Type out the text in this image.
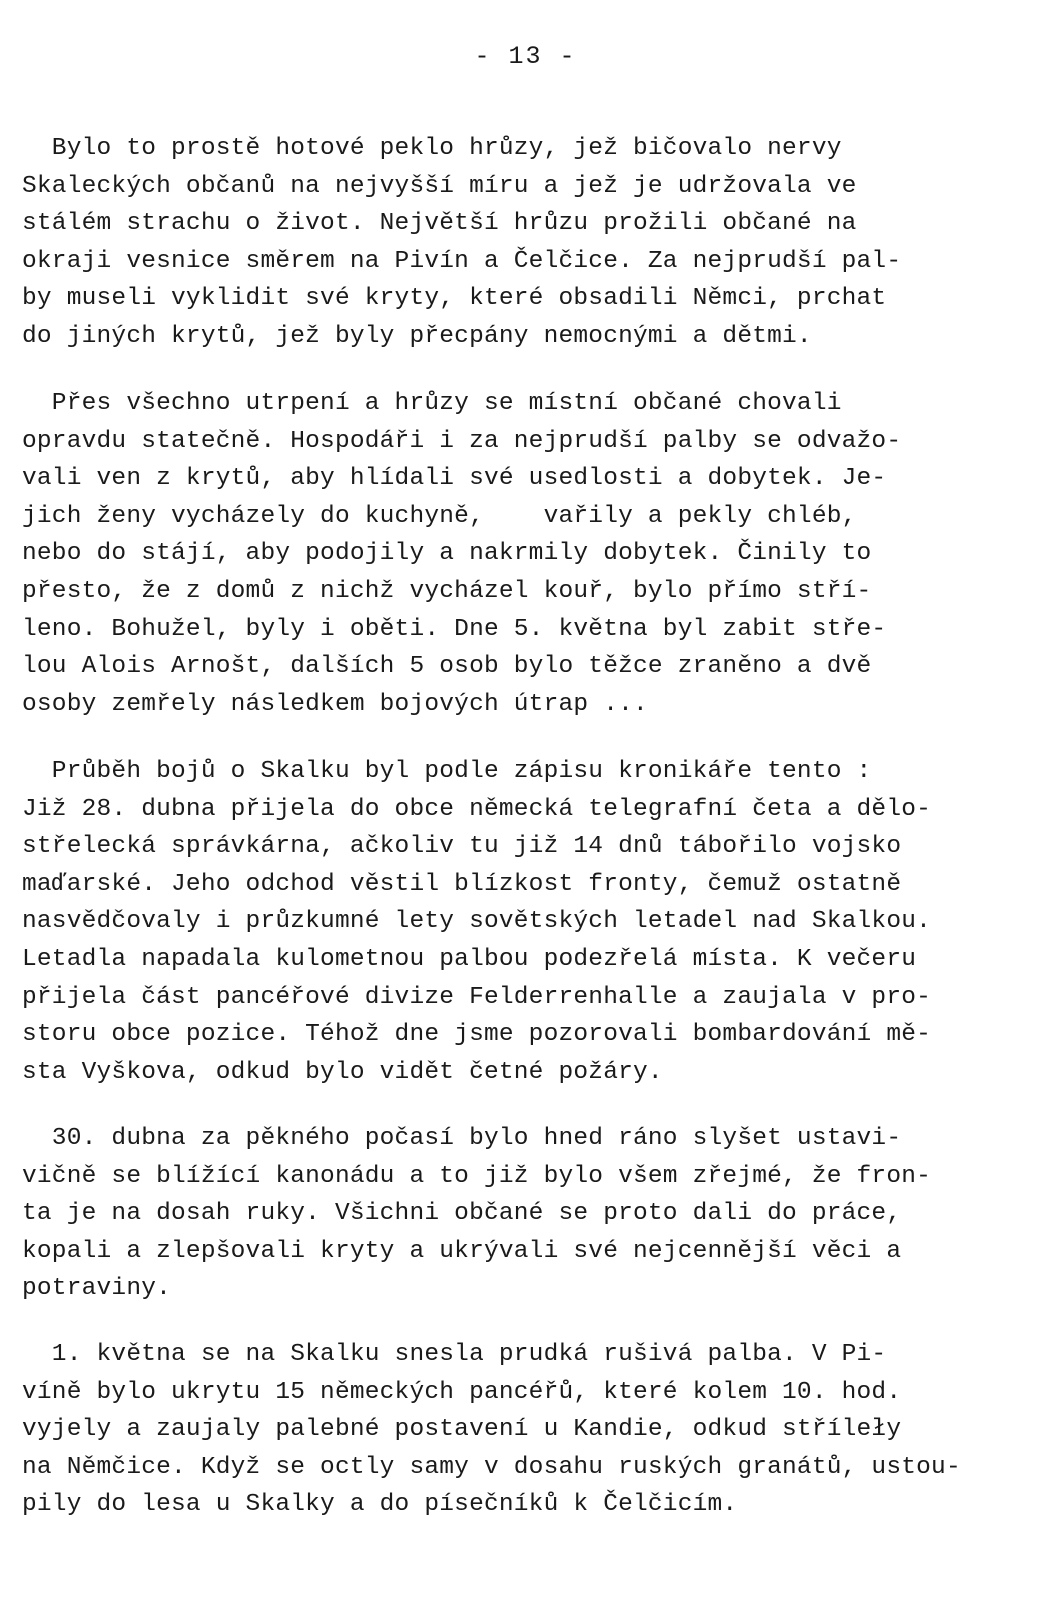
- 13 -
Bylo to prostě hotové peklo hrůzy, jež bičovalo nervy
Skaleckých občanů na nejvyšší míru a jež je udržovala ve
stálém strachu o život. Největší hrůzu prožili občané na
okraji vesnice směrem na Pivín a Čelčice. Za nejprudší pal-
by museli vyklidit své kryty, které obsadili Němci, prchat
do jiných krytů, jež byly přecpány nemocnými a dětmi.
Přes všechno utrpení a hrůzy se místní občané chovali
opravdu statečně. Hospodáři i za nejprudší palby se odvažo-
vali ven z krytů, aby hlídali své usedlosti a dobytek. Je-
jich ženy vycházely do kuchyně,    vařily a pekly chléb,
nebo do stájí, aby podojily a nakrmily dobytek. Činily to
přesto, že z domů z nichž vycházel kouř, bylo přímo stří-
leno. Bohužel, byly i oběti. Dne 5. května byl zabit stře-
lou Alois Arnošt, dalších 5 osob bylo těžce zraněno a dvě
osoby zemřely následkem bojových útrap ...
Průběh bojů o Skalku byl podle zápisu kronikáře tento :
Již 28. dubna přijela do obce německá telegrafní četa a dělo-
střelecká správkárna, ačkoliv tu již 14 dnů tábořilo vojsko
maďarské. Jeho odchod věstil blízkost fronty, čemuž ostatně
nasvědčovaly i průzkumné lety sovětských letadel nad Skalkou.
Letadla napadala kulometnou palbou podezřelá místa. K večeru
přijela část pancéřové divize Felderrenhalle a zaujala v pro-
storu obce pozice. Téhož dne jsme pozorovali bombardování mě-
sta Vyškova, odkud bylo vidět četné požáry.
30. dubna za pěkného počasí bylo hned ráno slyšet ustavi-
vičně se blížící kanonádu a to již bylo všem zřejmé, že fron-
ta je na dosah ruky. Všichni občané se proto dali do práce,
kopali a zlepšovali kryty a ukrývali své nejcennější věci a
potraviny.
1. května se na Skalku snesla prudká rušivá palba. V Pi-
víně bylo ukrytu 15 německých pancéřů, které kolem 10. hod.
vyjely a zaujaly palebné postavení u Kandie, odkud stříleły
na Němčice. Když se octly samy v dosahu ruských granátů, ustou-
pily do lesa u Skalky a do písečníků k Čelčicím.
